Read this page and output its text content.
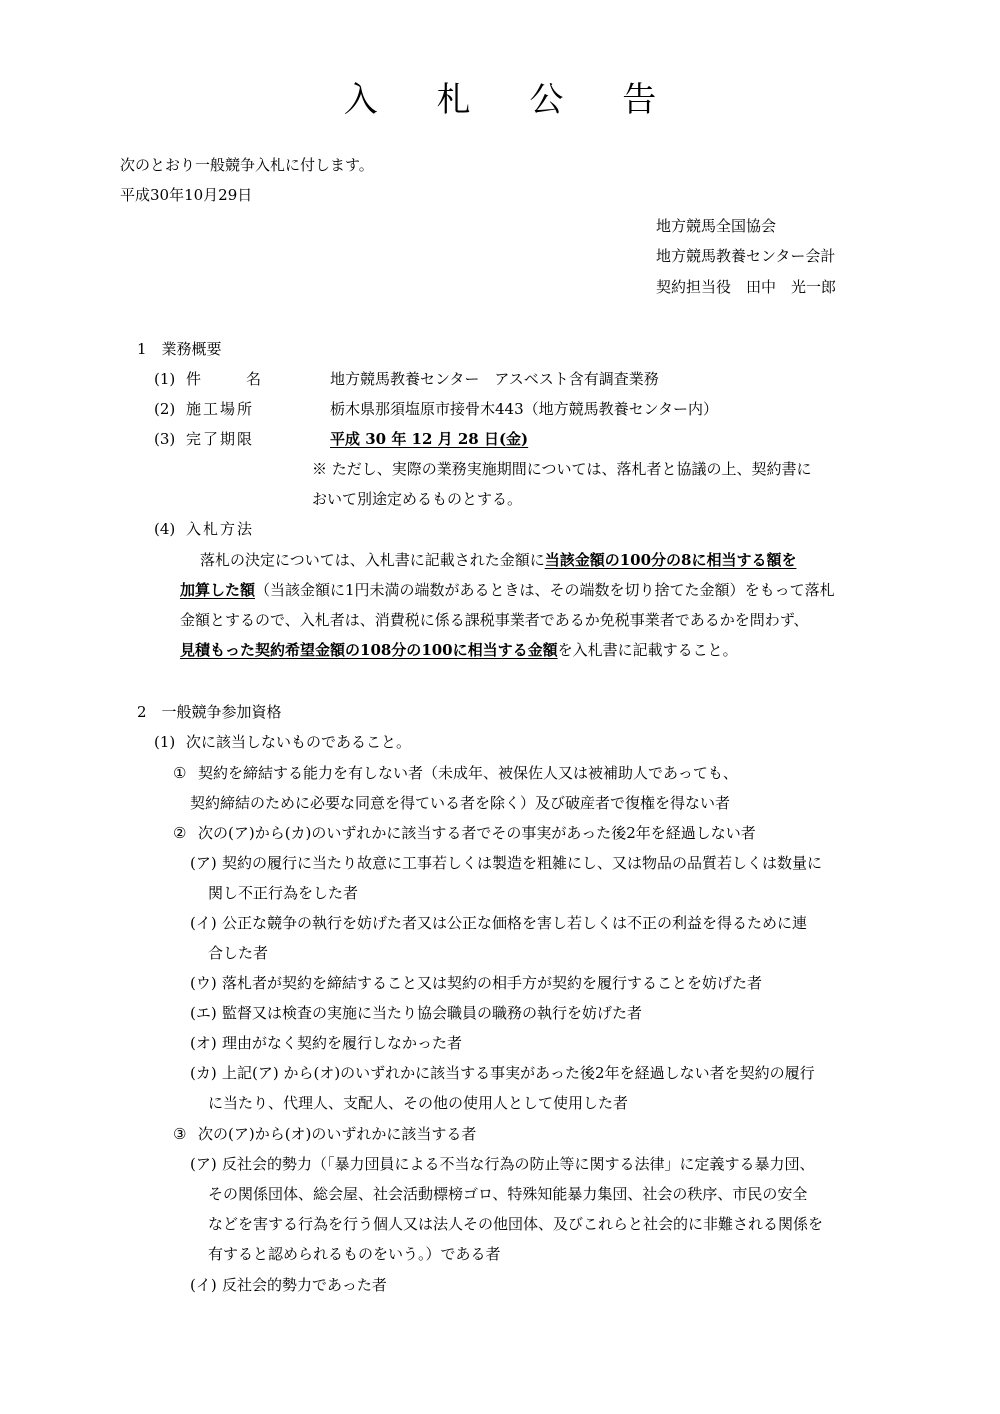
入 札 公 告
次のとおり一般競争入札に付します。
平成30年10月29日
地方競馬全国協会
地方競馬教養センター会計
契約担当役　田中　光一郎
1　業務概要
(1) 件　　　名	地方競馬教養センター　アスベスト含有調査業務
(2) 施工場所	栃木県那須塩原市接骨木443（地方競馬教養センター内）
(3) 完了期限	平成 30 年 12 月 28 日(金)
※ ただし、実際の業務実施期間については、落札者と協議の上、契約書に
おいて別途定めるものとする。
(4) 入札方法
落札の決定については、入札書に記載された金額に当該金額の100分の8に相当する額を
加算した額（当該金額に1円未満の端数があるときは、その端数を切り捨てた金額）をもって落札
金額とするので、入札者は、消費税に係る課税事業者であるか免税事業者であるかを問わず、
見積もった契約希望金額の108分の100に相当する金額を入札書に記載すること。
2　一般競争参加資格
(1) 次に該当しないものであること。
① 契約を締結する能力を有しない者（未成年、被保佐人又は被補助人であっても、
契約締結のために必要な同意を得ている者を除く）及び破産者で復権を得ない者
② 次の(ア)から(カ)のいずれかに該当する者でその事実があった後2年を経過しない者
(ア) 契約の履行に当たり故意に工事若しくは製造を粗雑にし、又は物品の品質若しくは数量に
関し不正行為をした者
(イ) 公正な競争の執行を妨げた者又は公正な価格を害し若しくは不正の利益を得るために連
合した者
(ウ) 落札者が契約を締結すること又は契約の相手方が契約を履行することを妨げた者
(エ) 監督又は検査の実施に当たり協会職員の職務の執行を妨げた者
(オ) 理由がなく契約を履行しなかった者
(カ) 上記(ア) から(オ)のいずれかに該当する事実があった後2年を経過しない者を契約の履行
に当たり、代理人、支配人、その他の使用人として使用した者
③ 次の(ア)から(オ)のいずれかに該当する者
(ア) 反社会的勢力（「暴力団員による不当な行為の防止等に関する法律」に定義する暴力団、
その関係団体、総会屋、社会活動標榜ゴロ、特殊知能暴力集団、社会の秩序、市民の安全
などを害する行為を行う個人又は法人その他団体、及びこれらと社会的に非難される関係を
有すると認められるものをいう。）である者
(イ) 反社会的勢力であった者
